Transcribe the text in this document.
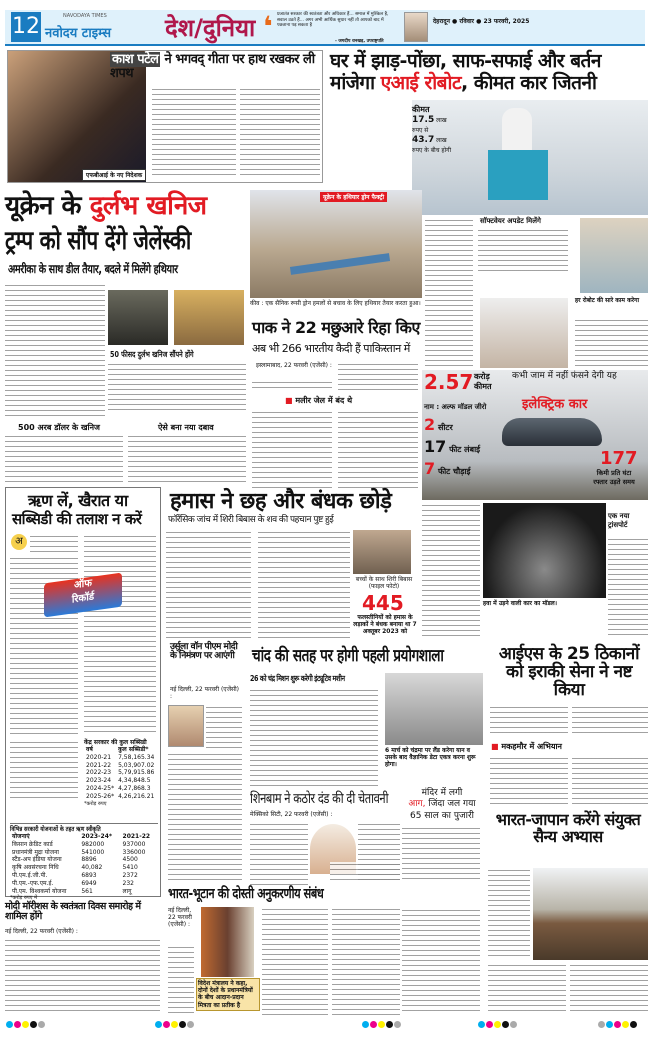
12	NAVODAYA TIMES
नवोदय टाइम्स देश/दुनिया ❛ प्रजातंत्र सरकार की स्वतंत्रता और अधिकार हैं... समाज में मुश्किल है, सवाल उठते हैं... अगर अभी आर्थिक सुधार नहीं तो आपको बाद में पछताना पड़ सकता है
- जगदीप धनखड़, उपराष्ट्रपति
देहरादून ● रविवार ● 23 फरवरी, 2025
एफबीआई के नए निदेशक
काश पटेल ने भगवद् गीता पर हाथ रखकर ली शपथ
घर में झाड़-पोंछा, साफ-सफाई और बर्तन
मांजेगा एआई रोबोट, कीमत कार जितनी
कीमत
17.5 लाख रुपए से
43.7 लाख रुपए के बीच होगी
सॉफ्टवेयर अपडेट मिलेंगे
हर रोबोट की सारे काम करेगा
यूक्रेन के दुर्लभ खनिज
ट्रम्प को सौंप देंगे जेलेंस्की
अमरीका के साथ डील तैयार, बदले में मिलेंगे हथियार
50 फीसद दुर्लभ खनिज सौंपने होंगे
500 अरब डॉलर के खनिज	ऐसे बना नया दबाव
यूक्रेन के हथियार ड्रोन फैक्ट्री
कीव : एक सैनिक रूसी ड्रोन हमलों से बचाव के लिए हथियार तैयार करता हुआ।
पाक ने 22 मछुआरे रिहा किए
अब भी 266 भारतीय कैदी हैं पाकिस्तान में
इस्लामाबाद, 22 फरवरी (एजेंसी) :
■ मलीर जेल में बंद थे
2.57 करोड़
कीमत
कभी जाम में नहीं फंसने देगी यह
इलेक्ट्रिक कार
नाम : अल्फ मॉडल जीरो
2 सीटर
17 फीट लंबाई
7 फीट चौड़ाई
177
किमी प्रति घंटा
रफ्तार उड़ते समय
एक नया ट्रांसपोर्ट
हवा में उड़ने वाली कार का मॉडल।
ऋण लें, खैरात या
सब्सिडी की तलाश न करें
अ
ऑफ
रिकॉर्ड
केंद्र सरकार की कुल सब्सिडी
वर्ष	कुल सब्सिडी*
2020-21	7,58,165.34
2021-22	5,03,907.02
2022-23	5,79,915.86
2023-24	4,34,848.5
2024-25*	4,27,868.3
2025-26*	4,26,216.21
*करोड़ रुपए
विभिन्न सरकारी योजनाओं के तहत ऋण स्वीकृति
योजनाएं	2023-24*	2021-22
किसान क्रेडिट कार्ड	982000	937000
प्रधानमंत्री मुद्रा योजना	541000	336000
स्टैंड-अप इंडिया योजना	8896	4500
कृषि अवसंरचना निधि	40,082	5410
पी.एम.ई.जी.पी.	6893	2372
पी.एम.-एफ.एम.ई.	6949	232
पी.एम. विश्वकर्मा योजना	561	लागू
*करोड़ रुपए में
मोदी मॉरीशस के स्वतंत्रता दिवस समारोह में शामिल होंगे
नई दिल्ली, 22 फरवरी (एजेंसी) :
हमास ने छह और बंधक छोड़े
फॉरेंसिक जांच में शिरी बिबास के शव की पहचान पुष्ट हुई
बच्चों के साथ शिरी बिबास (फाइल फोटो)
445
फलस्तीनियों को हमास के लड़ाकों ने बंधक बनाया था 7 अक्तूबर 2023 को
उर्सुला वॉन पीएम मोदी के निमंत्रण पर आएंगी
नई दिल्ली, 22 फरवरी (एजेंसी) :
चांद की सतह पर होगी पहली प्रयोगशाला
26 को चंद्र मिशन शुरू करेगी इंट्यूटिव मशीन
6 मार्च को चंद्रमा पर लैंड करेगा यान व उसके बाद वैज्ञानिक डेटा एकत्र करना शुरू होगा।
आईएस के 25 ठिकानों को इराकी सेना ने नष्ट किया
■ मकहमौर में अभियान
शिनबाम ने कठोर दंड की दी चेतावनी
मेक्सिको सिटी, 22 फरवरी (एजेंसी) :
मंदिर में लगी
आग, जिंदा जल गया
65 साल का पुजारी	भारत-जापान करेंगे संयुक्त सैन्य अभ्यास
भारत-भूटान की दोस्ती अनुकरणीय संबंध
नई दिल्ली, 22 फरवरी (एजेंसी) :
विदेश मंत्रालय ने कहा, दोनों देशों के प्रधानमंत्रियों के बीच आदान-प्रदान मित्रता का प्रतीक है
